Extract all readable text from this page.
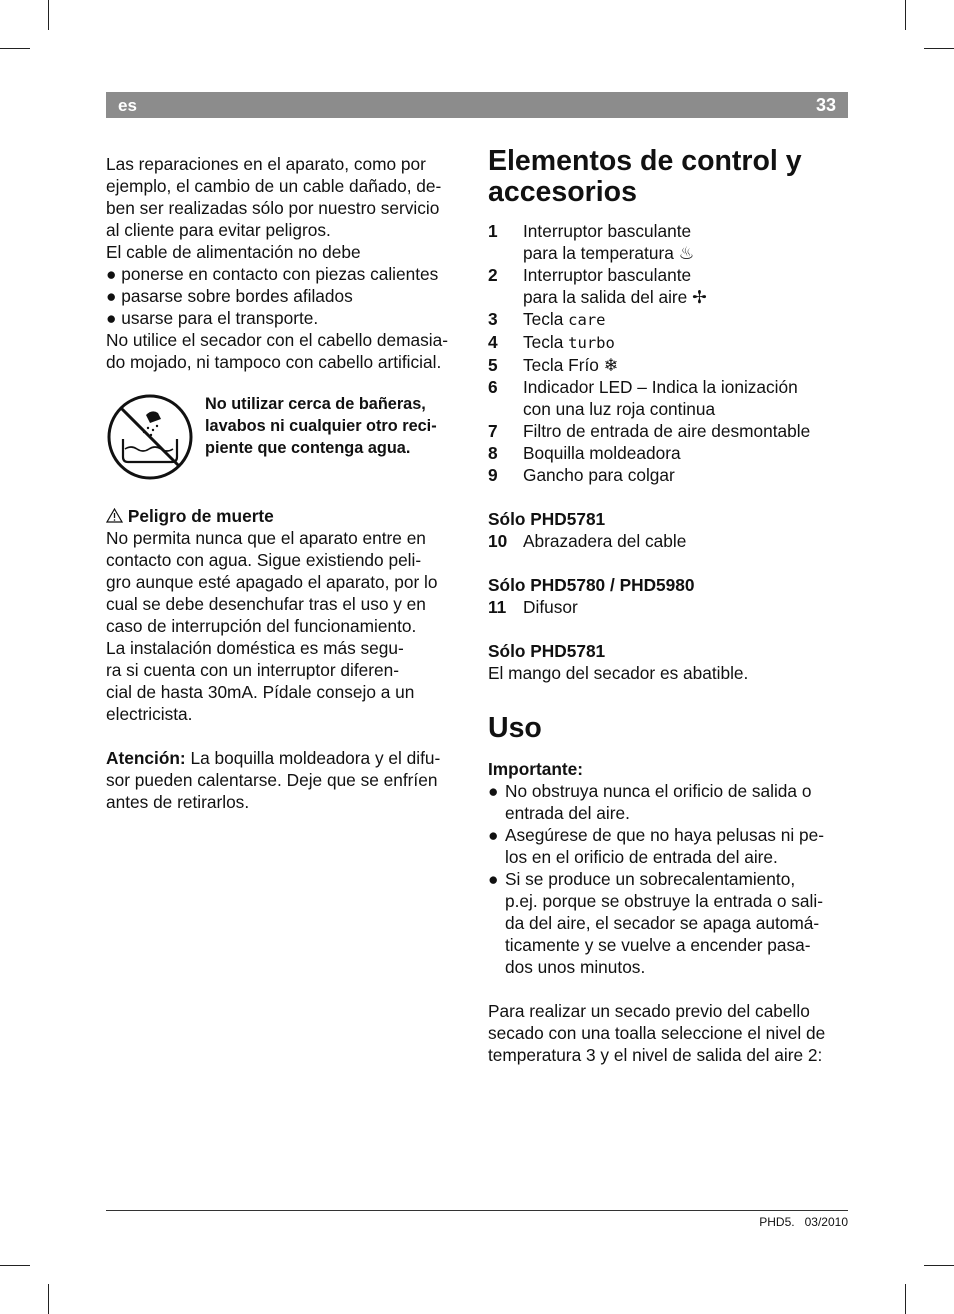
es	33

Las reparaciones en el aparato, como por

ejemplo, el cambio de un cable dañado, de-

ben ser realizadas sólo por nuestro servicio

al cliente para evitar peligros.

El cable de alimentación no debe

● ponerse en contacto con piezas calientes

● pasarse sobre bordes afilados

● usarse para el transporte.

No utilice el secador con el cabello demasia-

do mojado, ni tampoco con cabello artificial.

No utilizar cerca de bañeras,

lavabos ni cualquier otro reci-

piente que contenga agua.

Peligro de muerte

No permita nunca que el aparato entre en

contacto con agua. Sigue existiendo peli-

gro aunque esté apagado el aparato, por lo

cual se debe desenchufar tras el uso y en

caso de interrupción del funcionamiento.

La instalación doméstica es más segu-

ra si cuenta con un interruptor diferen-

cial de hasta 30mA. Pídale consejo a un

electricista.

Atención: La boquilla moldeadora y el difu-

sor pueden calentarse. Deje que se enfríen

antes de retirarlos.

Elementos de control y
accesorios
1 Interruptor basculante
para la temperatura ♨
2 Interruptor basculante
para la salida del aire ✢
3 Tecla care
4 Tecla turbo
5 Tecla Frío ❄
6 Indicador LED – Indica la ionización
con una luz roja continua
7 Filtro de entrada de aire desmontable
8 Boquilla moldeadora
9 Gancho para colgar

Sólo PHD5781

10 Abrazadera del cable

Sólo PHD5780 / PHD5980

11 Difusor

Sólo PHD5781

El mango del secador es abatible.

Uso

Importante:

● No obstruya nunca el orificio de salida o
entrada del aire.
● Asegúrese de que no haya pelusas ni pe-
los en el orificio de entrada del aire.
● Si se produce un sobrecalentamiento,
p.ej. porque se obstruye la entrada o sali-
da del aire, el secador se apaga automá-
ticamente y se vuelve a encender pasa-
dos unos minutos.

Para realizar un secado previo del cabello

secado con una toalla seleccione el nivel de

temperatura 3 y el nivel de salida del aire 2:

PHD5.   03/2010
